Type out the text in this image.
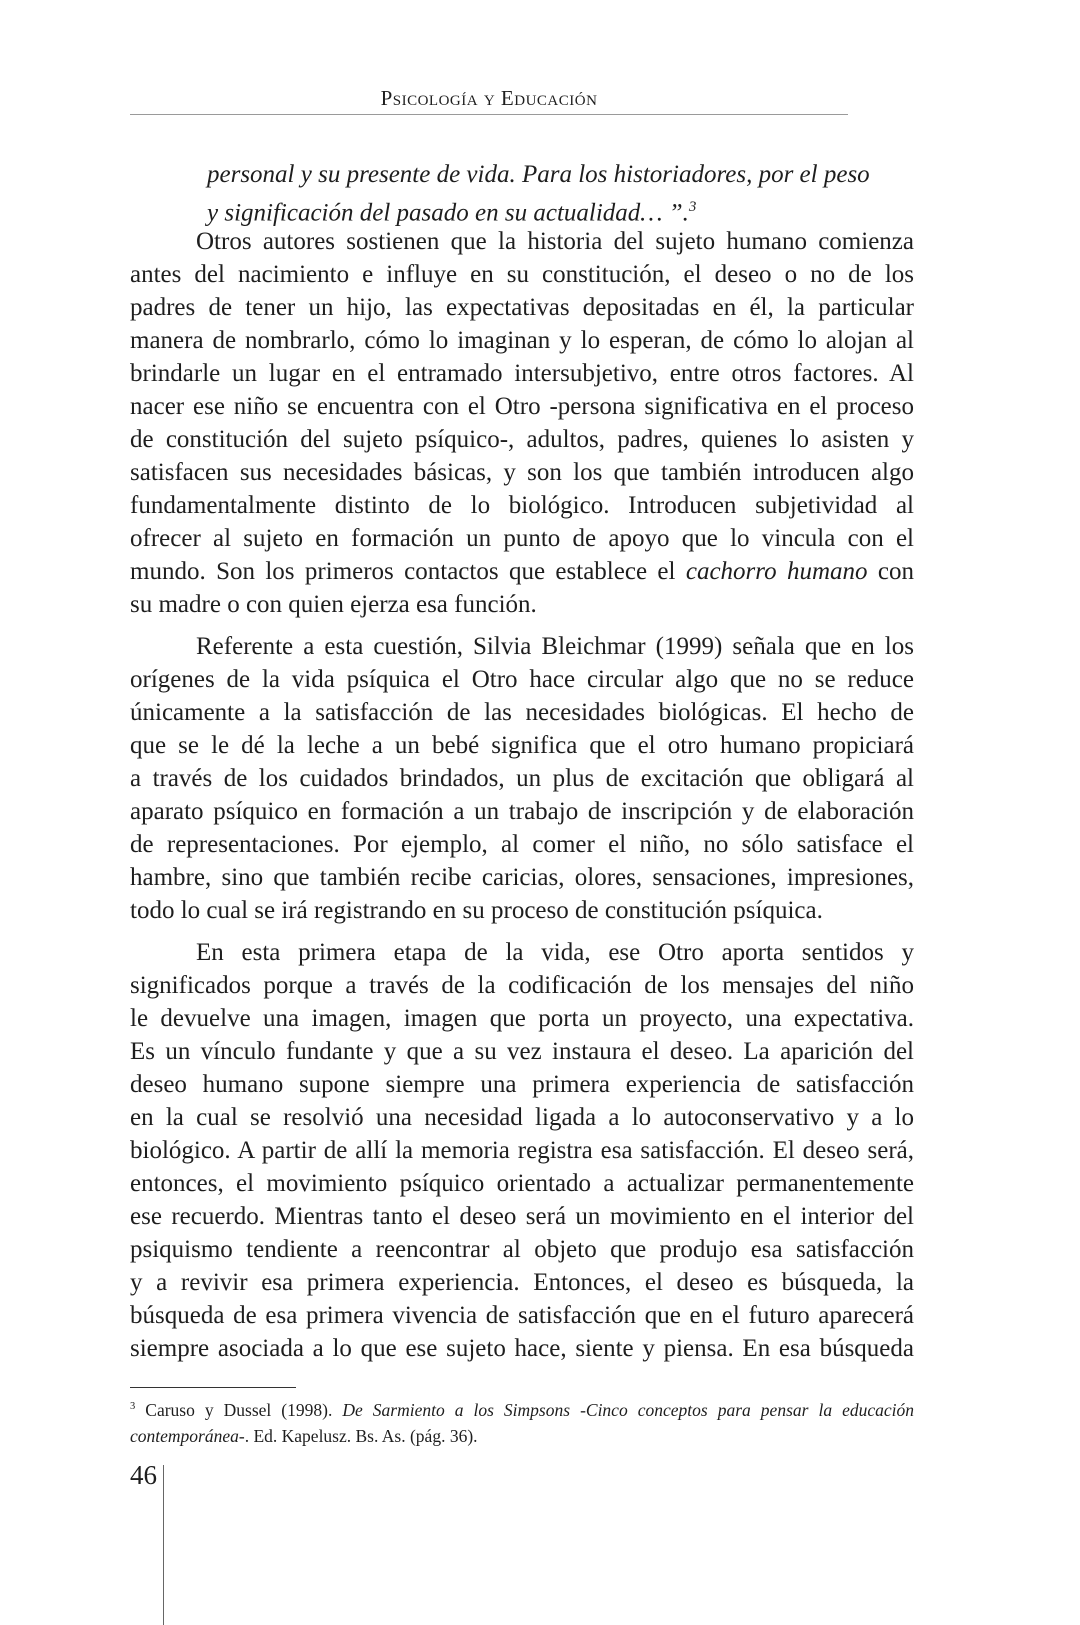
Psicología y Educación
personal y su presente de vida. Para los historiadores, por el peso
y significación del pasado en su actualidad… ”.$^3$
Otros autores sostienen que la historia del sujeto humano comienza
antes del nacimiento e influye en su constitución, el deseo o no de los
padres de tener un hijo, las expectativas depositadas en él, la particular
manera de nombrarlo, cómo lo imaginan y lo esperan, de cómo lo alojan al
brindarle un lugar en el entramado intersubjetivo, entre otros factores. Al
nacer ese niño se encuentra con el Otro -persona significativa en el proceso
de constitución del sujeto psíquico-, adultos, padres, quienes lo asisten y
satisfacen sus necesidades básicas, y son los que también introducen algo
fundamentalmente distinto de lo biológico. Introducen subjetividad al
ofrecer al sujeto en formación un punto de apoyo que lo vincula con el
mundo. Son los primeros contactos que establece el cachorro humano con
su madre o con quien ejerza esa función.
Referente a esta cuestión, Silvia Bleichmar (1999) señala que en los
orígenes de la vida psíquica el Otro hace circular algo que no se reduce
únicamente a la satisfacción de las necesidades biológicas. El hecho de
que se le dé la leche a un bebé significa que el otro humano propiciará
a través de los cuidados brindados, un plus de excitación que obligará al
aparato psíquico en formación a un trabajo de inscripción y de elaboración
de representaciones. Por ejemplo, al comer el niño, no sólo satisface el
hambre, sino que también recibe caricias, olores, sensaciones, impresiones,
todo lo cual se irá registrando en su proceso de constitución psíquica.
En esta primera etapa de la vida, ese Otro aporta sentidos y
significados porque a través de la codificación de los mensajes del niño
le devuelve una imagen, imagen que porta un proyecto, una expectativa.
Es un vínculo fundante y que a su vez instaura el deseo. La aparición del
deseo humano supone siempre una primera experiencia de satisfacción
en la cual se resolvió una necesidad ligada a lo autoconservativo y a lo
biológico. A partir de allí la memoria registra esa satisfacción. El deseo será,
entonces, el movimiento psíquico orientado a actualizar permanentemente
ese recuerdo. Mientras tanto el deseo será un movimiento en el interior del
psiquismo tendiente a reencontrar al objeto que produjo esa satisfacción
y a revivir esa primera experiencia. Entonces, el deseo es búsqueda, la
búsqueda de esa primera vivencia de satisfacción que en el futuro aparecerá
siempre asociada a lo que ese sujeto hace, siente y piensa. En esa búsqueda
$^3$ Caruso y Dussel (1998). De Sarmiento a los Simpsons -Cinco conceptos para pensar la educación
contemporánea-. Ed. Kapelusz. Bs. As. (pág. 36).
46
